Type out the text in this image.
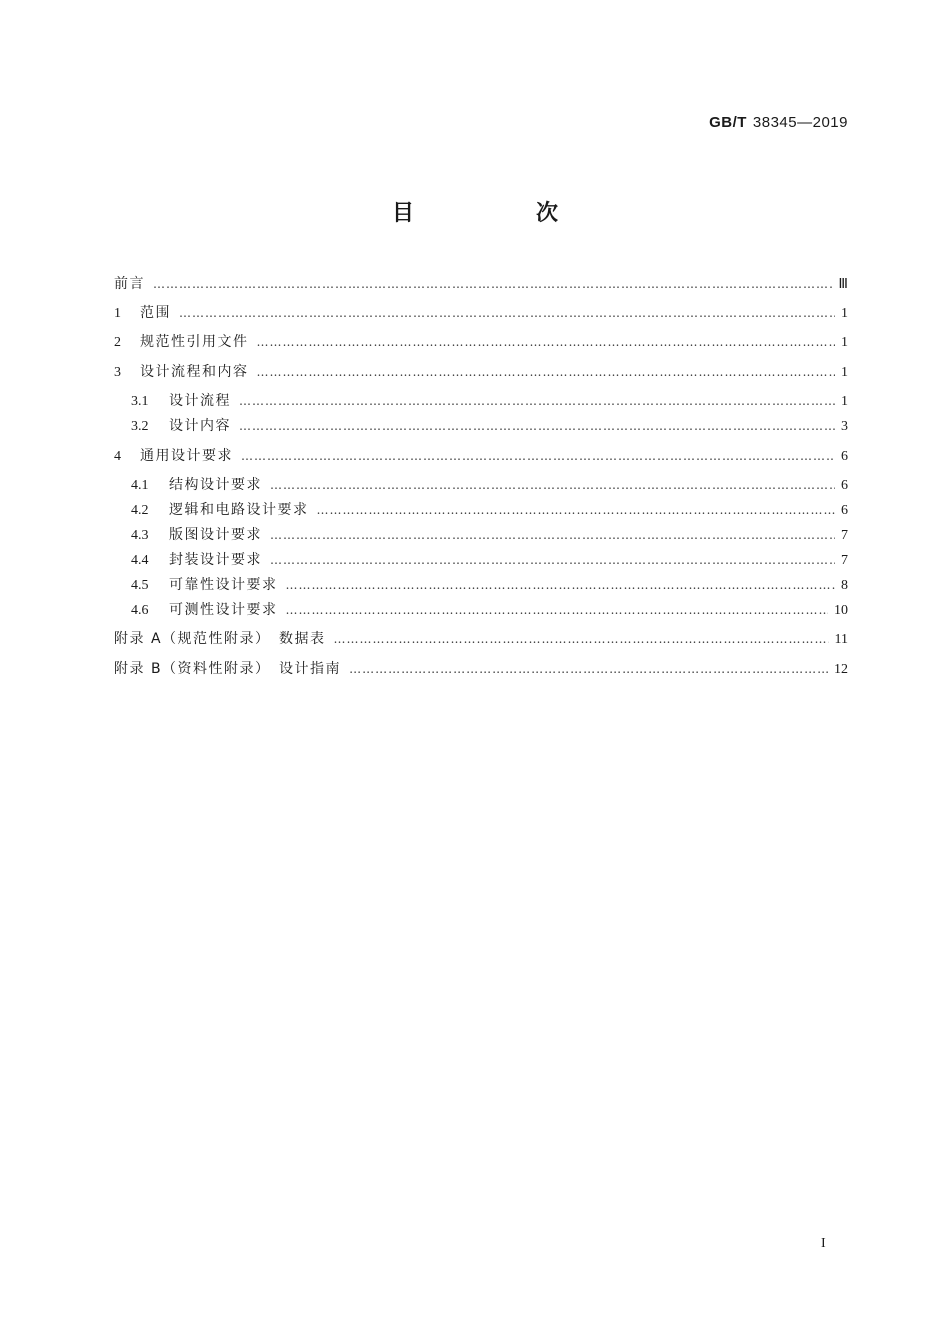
GB/T 38345—2019
目　次
前言 ………………………………………………………………………………………………………………………………………………………………………………………………	Ⅲ
1	范围 ………………………………………………………………………………………………………………………………………………………………………………………………	1
2	规范性引用文件 ………………………………………………………………………………………………………………………………………………………………………………………………	1
3	设计流程和内容 ………………………………………………………………………………………………………………………………………………………………………………………………	1
3.1	设计流程 ………………………………………………………………………………………………………………………………………………………………………………………………	1
3.2	设计内容 ………………………………………………………………………………………………………………………………………………………………………………………………	3
4	通用设计要求 ………………………………………………………………………………………………………………………………………………………………………………………………	6
4.1	结构设计要求 ………………………………………………………………………………………………………………………………………………………………………………………………	6
4.2	逻辑和电路设计要求 ………………………………………………………………………………………………………………………………………………………………………………………………	6
4.3	版图设计要求 ………………………………………………………………………………………………………………………………………………………………………………………………	7
4.4	封装设计要求 ………………………………………………………………………………………………………………………………………………………………………………………………	7
4.5	可靠性设计要求 ………………………………………………………………………………………………………………………………………………………………………………………………	8
4.6	可测性设计要求 ………………………………………………………………………………………………………………………………………………………………………………………………	10
附录 A（规范性附录）　数据表 ………………………………………………………………………………………………………………………………………………………………………………………………	11
附录 B（资料性附录）　设计指南 ………………………………………………………………………………………………………………………………………………………………………………………………	12
I
